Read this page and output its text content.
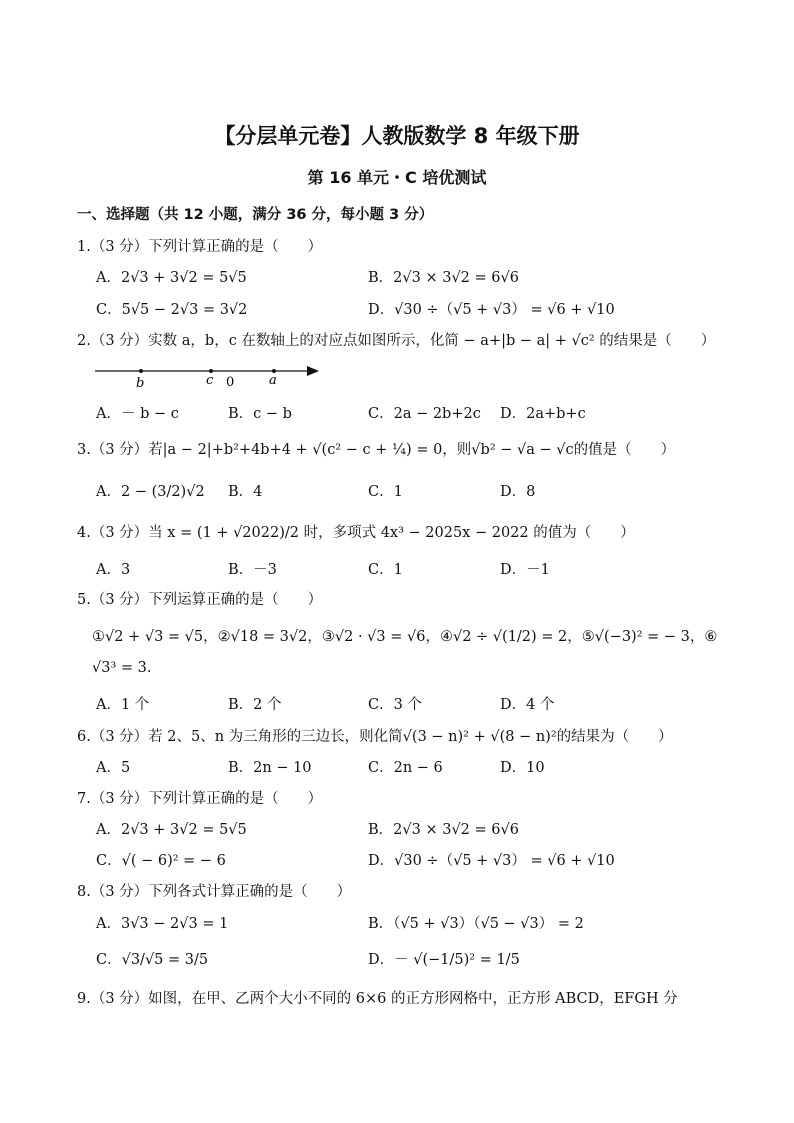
【分层单元卷】人教版数学 8 年级下册
第 16 单元・C 培优测试
一、选择题（共 12 小题，满分 36 分，每小题 3 分）
1.（3 分）下列计算正确的是（　　）
A．2√3 + 3√2 = 5√5	B．2√3 × 3√2 = 6√6
C．5√5 − 2√3 = 3√2	D．√30 ÷（√5 + √3） = √6 + √10
2.（3 分）实数 a，b，c 在数轴上的对应点如图所示，化简 − a+|b − a| + √c² 的结果是（　　）
b	c 0	a
A．－ b − c	B．c − b	C．2a − 2b+2c D．2a+b+c
3.（3 分）若|a − 2|+b²+4b+4 + √(c² − c + ¼) = 0，则√b² − √a − √c的值是（　　）
A．2 − (3/2)√2 B．4	C．1	D．8
4.（3 分）当 x = (1 + √2022)/2 时，多项式 4x³ − 2025x − 2022 的值为（　　）
A．3	B．－3	C．1	D．－1
5.（3 分）下列运算正确的是（　　）
①√2 + √3 = √5，②√18 = 3√2，③√2 · √3 = √6，④√2 ÷ √(1/2) = 2，⑤√(−3)² = − 3，⑥
√3³ = 3.
A．1 个	B．2 个	C．3 个	D．4 个
6.（3 分）若 2、5、n 为三角形的三边长，则化简√(3 − n)² + √(8 − n)²的结果为（　　）
A．5	B．2n − 10	C．2n − 6	D．10
7.（3 分）下列计算正确的是（　　）
A．2√3 + 3√2 = 5√5	B．2√3 × 3√2 = 6√6
C．√( − 6)² = − 6	D．√30 ÷（√5 + √3） = √6 + √10
8.（3 分）下列各式计算正确的是（　　）
A．3√3 − 2√3 = 1	B．（√5 + √3）（√5 − √3） = 2
C．√3/√5 = 3/5	D．－ √(−1/5)² = 1/5
9.（3 分）如图，在甲、乙两个大小不同的 6×6 的正方形网格中，正方形 ABCD，EFGH 分
